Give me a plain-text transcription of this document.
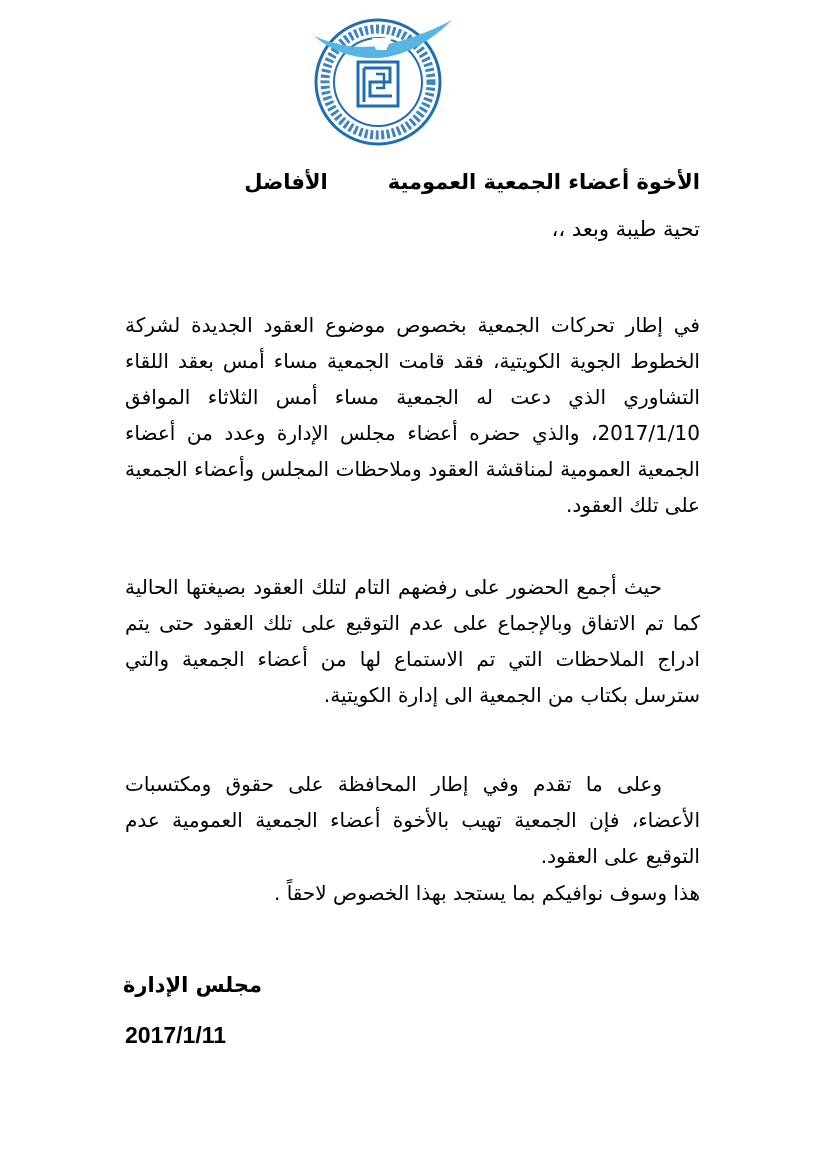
الأخوة أعضاء الجمعية العموميةالأفاضل
تحية طيبة وبعد ،،
في إطار تحركات الجمعية بخصوص موضوع العقود الجديدة لشركة الخطوط الجوية الكويتية، فقد قامت الجمعية مساء أمس بعقد اللقاء التشاوري الذي دعت له الجمعية مساء أمس الثلاثاء الموافق 2017/1/10، والذي حضره أعضاء مجلس الإدارة وعدد من أعضاء الجمعية العمومية لمناقشة العقود وملاحظات المجلس وأعضاء الجمعية على تلك العقود.
حيث أجمع الحضور على رفضهم التام لتلك العقود بصيغتها الحالية كما تم الاتفاق وبالإجماع على عدم التوقيع على تلك العقود حتى يتم ادراج الملاحظات التي تم الاستماع لها من أعضاء الجمعية والتي سترسل بكتاب من الجمعية الى إدارة الكويتية.
وعلى ما تقدم وفي إطار المحافظة على حقوق ومكتسبات الأعضاء، فإن الجمعية تهيب بالأخوة أعضاء الجمعية العمومية عدم التوقيع على العقود.
هذا وسوف نوافيكم بما يستجد بهذا الخصوص لاحقاً .
مجلس الإدارة
2017/1/11
